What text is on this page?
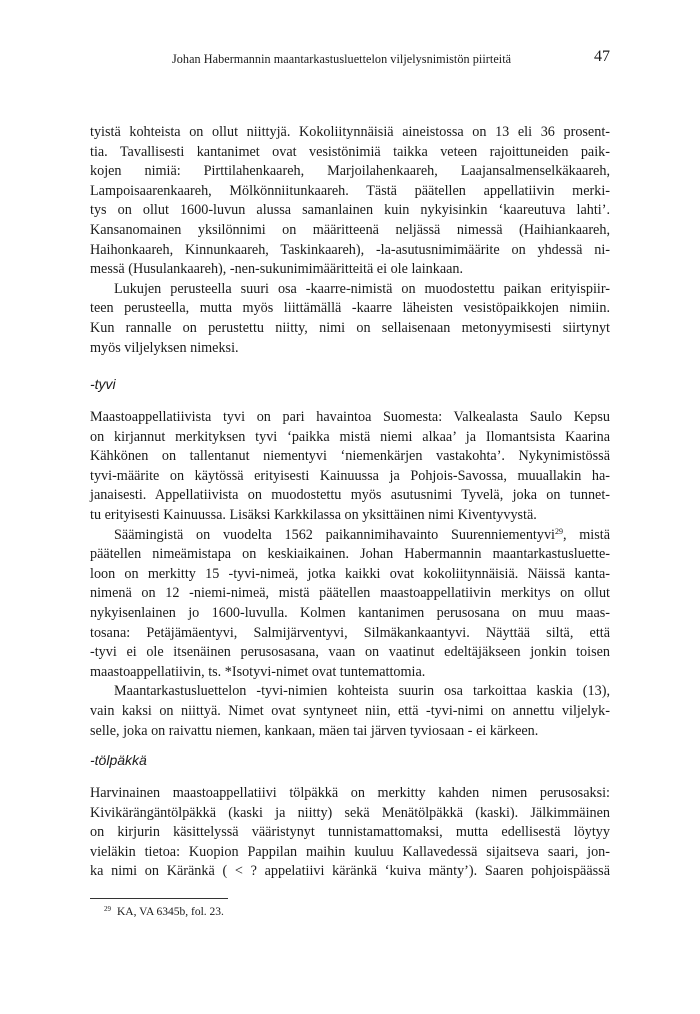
Johan Habermannin maantarkastusluettelon viljelysnimistön piirteitä	47

tyistä kohteista on ollut niittyjä. Kokoliitynnäisiä aineistossa on 13 eli 36 prosent-
tia. Tavallisesti kantanimet ovat vesistönimiä taikka veteen rajoittuneiden paik-
kojen nimiä: Pirttilahenkaareh, Marjoilahenkaareh, Laajansalmenselkäkaareh,
Lampoisaarenkaareh, Mölkönniitunkaareh. Tästä päätellen appellatiivin merki-
tys on ollut 1600-luvun alussa samanlainen kuin nykyisinkin ‘kaareutuva lahti’.
Kansanomainen yksilönnimi on määritteenä neljässä nimessä (Haihiankaareh,
Haihonkaareh, Kinnunkaareh, Taskinkaareh), -la-asutusnimimäärite on yhdessä ni-
messä (Husulankaareh), -nen-sukunimimääritteitä ei ole lainkaan.

Lukujen perusteella suuri osa -kaarre-nimistä on muodostettu paikan erityispiir-

teen perusteella, mutta myös liittämällä -kaarre läheisten vesistöpaikkojen nimiin.
Kun rannalle on perustettu niitty, nimi on sellaisenaan metonyymisesti siirtynyt
myös viljelyksen nimeksi.

-tyvi

Maastoappellatiivista tyvi on pari havaintoa Suomesta: Valkealasta Saulo Kepsu
on kirjannut merkityksen tyvi ‘paikka mistä niemi alkaa’ ja Ilomantsista Kaarina
Kähkönen on tallentanut niementyvi ‘niemenkärjen vastakohta’. Nykynimistössä
tyvi-määrite on käytössä erityisesti Kainuussa ja Pohjois-Savossa, muuallakin ha-
janaisesti. Appellatiivista on muodostettu myös asutusnimi Tyvelä, joka on tunnet-
tu erityisesti Kainuussa. Lisäksi Karkkilassa on yksittäinen nimi Kiventyvystä.

Säämingistä on vuodelta 1562 paikannimihavainto Suurenniementyvi$^{29}$, mistä

päätellen nimeämistapa on keskiaikainen. Johan Habermannin maantarkastusluette-
loon on merkitty 15 -tyvi-nimeä, jotka kaikki ovat kokoliitynnäisiä. Näissä kanta-
nimenä on 12 -niemi-nimeä, mistä päätellen maastoappellatiivin merkitys on ollut
nykyisenlainen jo 1600-luvulla. Kolmen kantanimen perusosana on muu maas-
tosana: Petäjämäentyvi, Salmijärventyvi, Silmäkankaantyvi. Näyttää siltä, että
-tyvi ei ole itsenäinen perusosasana, vaan on vaatinut edeltäjäkseen jonkin toisen
maastoappellatiivin, ts. *Isotyvi-nimet ovat tuntemattomia.

Maantarkastusluettelon -tyvi-nimien kohteista suurin osa tarkoittaa kaskia (13),

vain kaksi on niittyä. Nimet ovat syntyneet niin, että -tyvi-nimi on annettu viljelyk-
selle, joka on raivattu niemen, kankaan, mäen tai järven tyviosaan - ei kärkeen.

-tölpäkkä

Harvinainen maastoappellatiivi tölpäkkä on merkitty kahden nimen perusosaksi:
Kivikärängäntölpäkkä (kaski ja niitty) sekä Menätölpäkkä (kaski). Jälkimmäinen
on kirjurin käsittelyssä vääristynyt tunnistamattomaksi, mutta edellisestä löytyy
vieläkin tietoa: Kuopion Pappilan maihin kuuluu Kallavedessä sijaitseva saari, jon-
ka nimi on Käränkä ( < ? appelatiivi käränkä ‘kuiva mänty’). Saaren pohjoispäässä

$^{29}$ KA, VA 6345b, fol. 23.
